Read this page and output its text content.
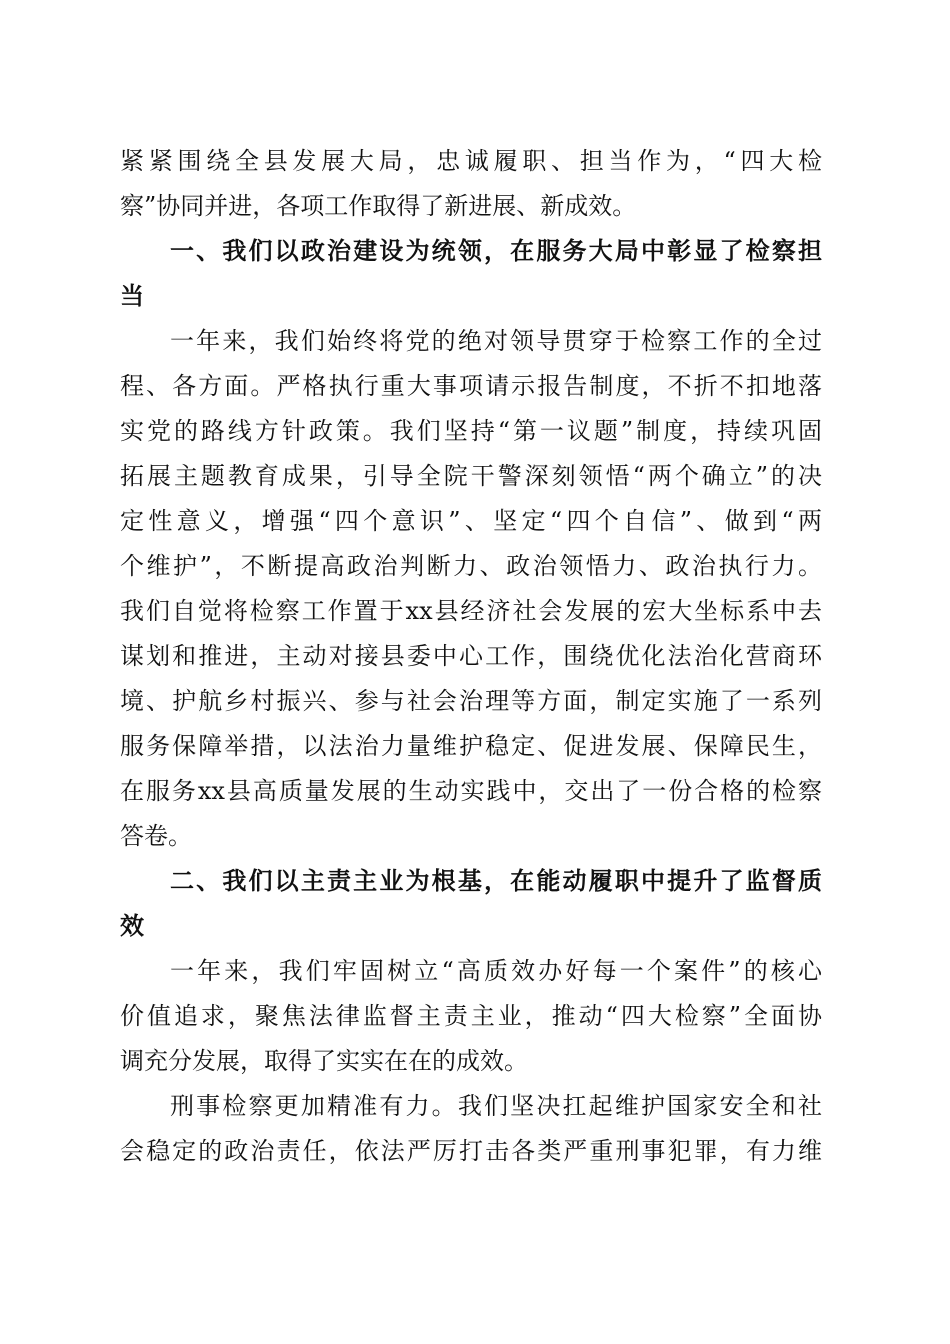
紧紧围绕全县发展大局，忠诚履职、担当作为，“四大检
察”协同并进，各项工作取得了新进展、新成效。
一、我们以政治建设为统领，在服务大局中彰显了检察担
当
一年来，我们始终将党的绝对领导贯穿于检察工作的全过
程、各方面。严格执行重大事项请示报告制度，不折不扣地落
实党的路线方针政策。我们坚持“第一议题”制度，持续巩固
拓展主题教育成果，引导全院干警深刻领悟“两个确立”的决
定性意义，增强“四个意识”、坚定“四个自信”、做到“两
个维护”，不断提高政治判断力、政治领悟力、政治执行力。
我们自觉将检察工作置于xx县经济社会发展的宏大坐标系中去
谋划和推进，主动对接县委中心工作，围绕优化法治化营商环
境、护航乡村振兴、参与社会治理等方面，制定实施了一系列
服务保障举措，以法治力量维护稳定、促进发展、保障民生，
在服务xx县高质量发展的生动实践中，交出了一份合格的检察
答卷。
二、我们以主责主业为根基，在能动履职中提升了监督质
效
一年来，我们牢固树立“高质效办好每一个案件”的核心
价值追求，聚焦法律监督主责主业，推动“四大检察”全面协
调充分发展，取得了实实在在的成效。
刑事检察更加精准有力。我们坚决扛起维护国家安全和社
会稳定的政治责任，依法严厉打击各类严重刑事犯罪，有力维
